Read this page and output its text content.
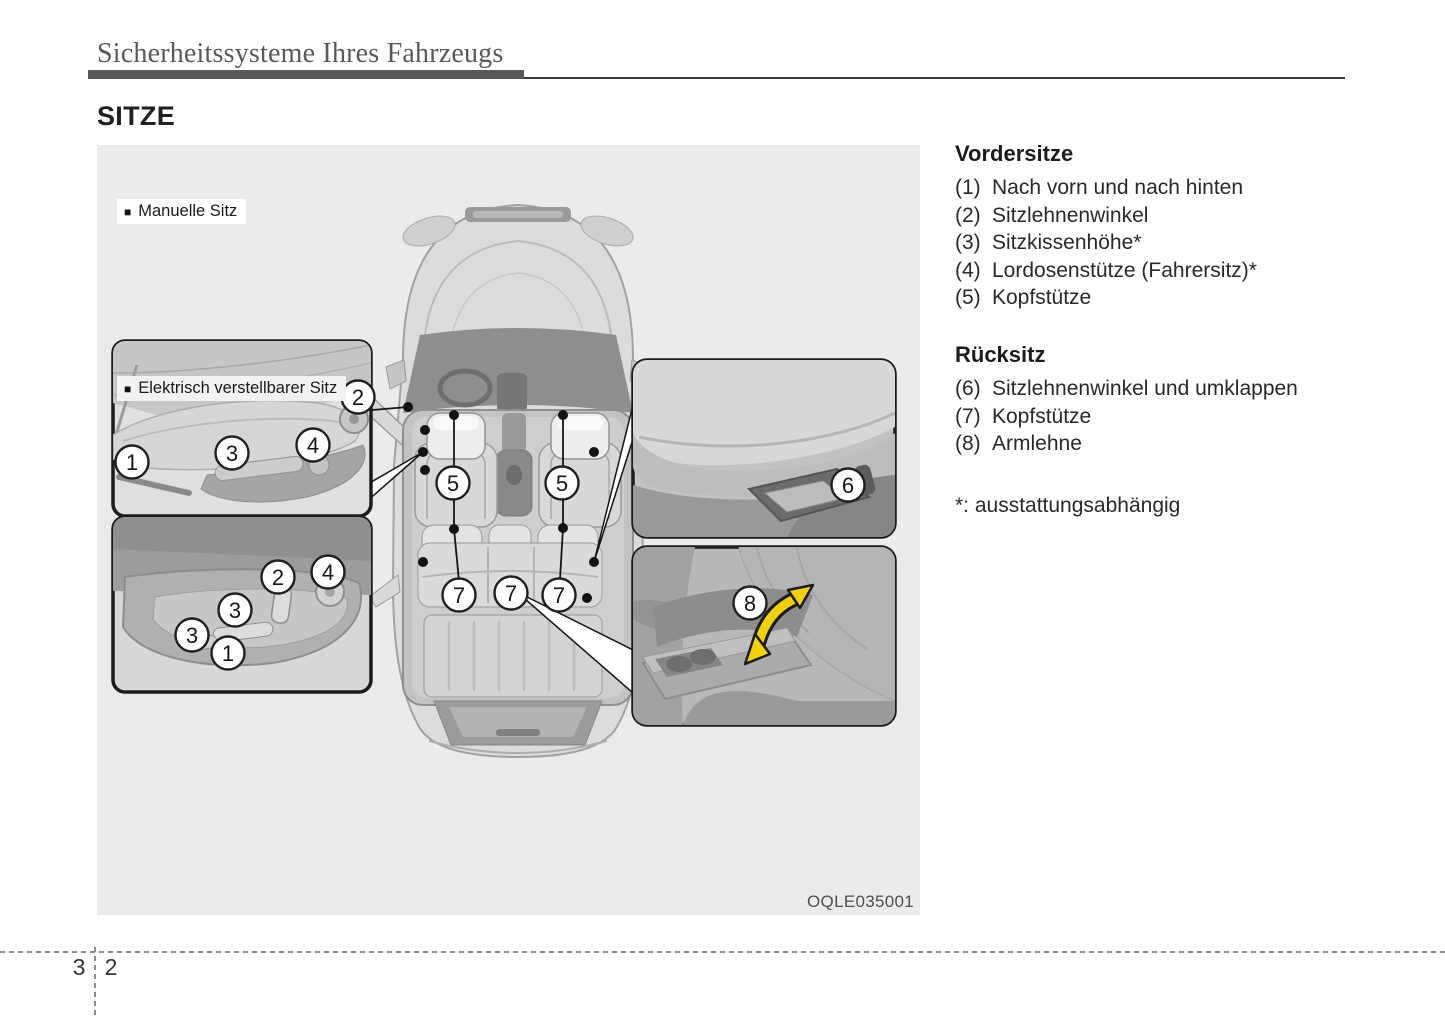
Sicherheitssysteme Ihres Fahrzeugs
SITZE
1
2
3	4
2 4
3
3
1
6
8
5	5
7 7 7
■ Manuelle Sitz
■ Elektrisch verstellbarer Sitz
OQLE035001
Vordersitze
(1) Nach vorn und nach hinten
(2) Sitzlehnenwinkel
(3) Sitzkissenhöhe*
(4) Lordosenstütze (Fahrersitz)*
(5) Kopfstütze
Rücksitz
(6) Sitzlehnenwinkel und umklappen
(7) Kopfstütze
(8) Armlehne
*: ausstattungsabhängig
3 2
